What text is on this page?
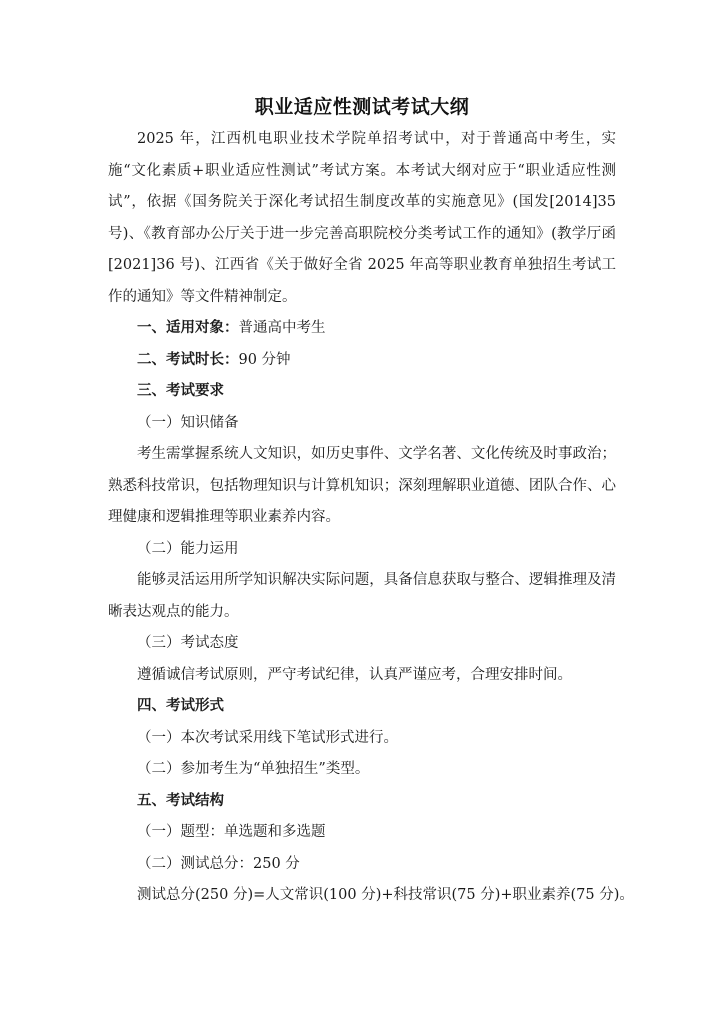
职业适应性测试考试大纲

2025 年，江西机电职业技术学院单招考试中，对于普通高中考生，实施“文化素质+职业适应性测试”考试方案。本考试大纲对应于“职业适应性测试”，依据《国务院关于深化考试招生制度改革的实施意见》(国发[2014]35 号)、《教育部办公厅关于进一步完善高职院校分类考试工作的通知》(教学厅函[2021]36 号)、江西省《关于做好全省 2025 年高等职业教育单独招生考试工作的通知》等文件精神制定。

一、适用对象：普通高中考生

二、考试时长：90 分钟

三、考试要求

（一）知识储备

考生需掌握系统人文知识，如历史事件、文学名著、文化传统及时事政治；熟悉科技常识，包括物理知识与计算机知识；深刻理解职业道德、团队合作、心理健康和逻辑推理等职业素养内容。

（二）能力运用

能够灵活运用所学知识解决实际问题，具备信息获取与整合、逻辑推理及清晰表达观点的能力。

（三）考试态度

遵循诚信考试原则，严守考试纪律，认真严谨应考，合理安排时间。

四、考试形式

（一）本次考试采用线下笔试形式进行。

（二）参加考生为“单独招生”类型。

五、考试结构

（一）题型：单选题和多选题

（二）测试总分：250 分

测试总分(250 分)=人文常识(100 分)+科技常识(75 分)+职业素养(75 分)。
